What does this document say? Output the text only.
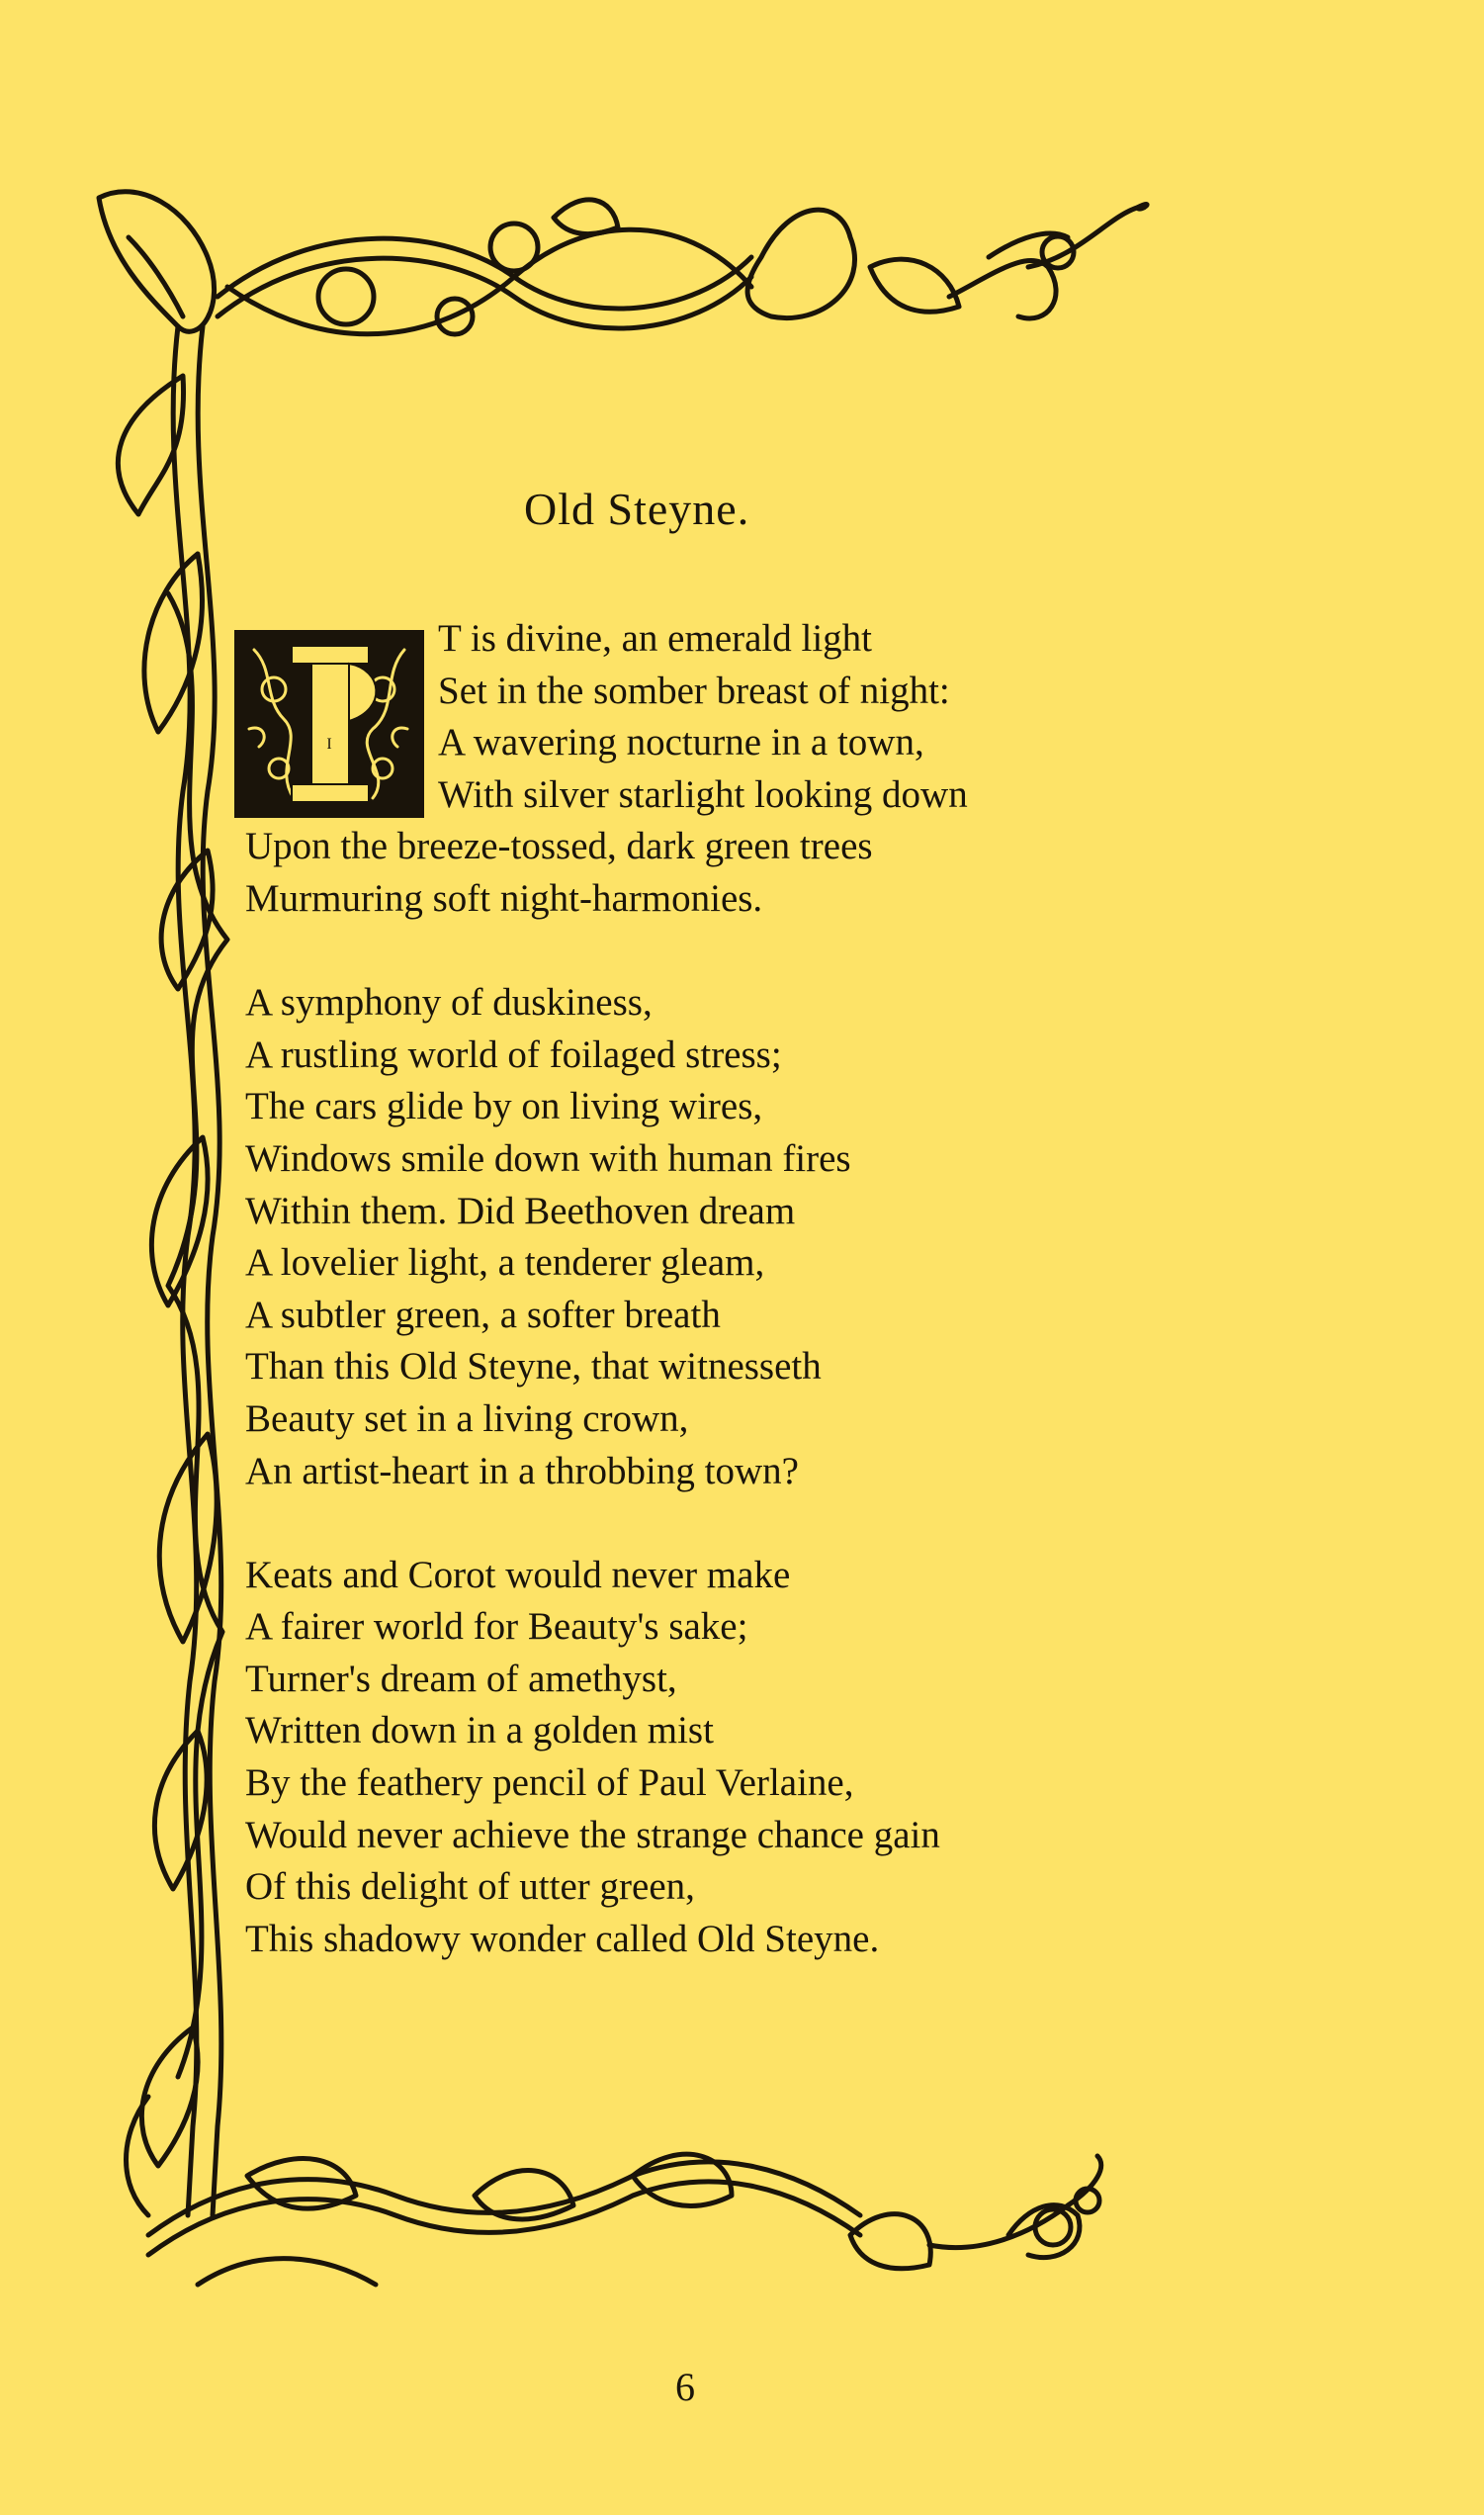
Old Steyne.
I
T is divine, an emerald light
Set in the somber breast of night:
A wavering nocturne in a town,
With silver starlight looking down
Upon the breeze-tossed, dark green trees
Murmuring soft night-harmonies.
A symphony of duskiness,
A rustling world of foilaged stress;
The cars glide by on living wires,
Windows smile down with human fires
Within them. Did Beethoven dream
A lovelier light, a tenderer gleam,
A subtler green, a softer breath
Than this Old Steyne, that witnesseth
Beauty set in a living crown,
An artist-heart in a throbbing town?
Keats and Corot would never make
A fairer world for Beauty's sake;
Turner's dream of amethyst,
Written down in a golden mist
By the feathery pencil of Paul Verlaine,
Would never achieve the strange chance gain
Of this delight of utter green,
This shadowy wonder called Old Steyne.
6
